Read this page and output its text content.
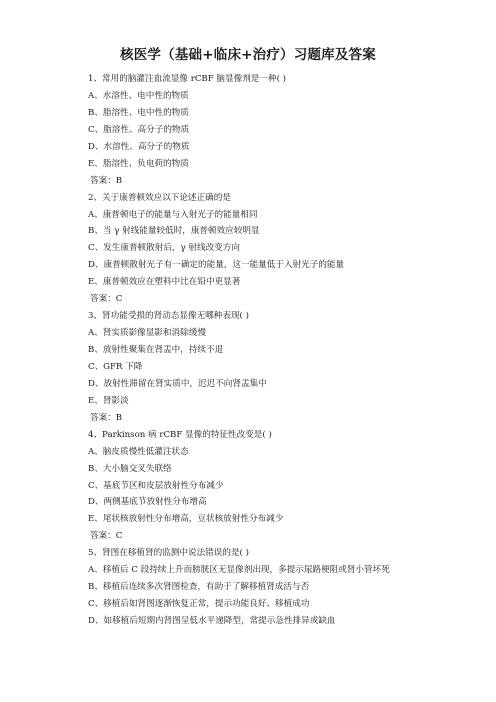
核医学（基础+临床+治疗）习题库及答案
1、常用的脑灌注血流显像 rCBF 脑显像剂是一种( )
A、水溶性、电中性的物质
B、脂溶性、电中性的物质
C、脂溶性、高分子的物质
D、水溶性、高分子的物质
E、脂溶性、负电荷的物质
答案：B
2、关于康普顿效应以下论述正确的是
A、康普顿电子的能量与入射光子的能量相同
B、当 γ 射线能量较低时，康普顿效应较明显
C、发生康普顿散射后，γ 射线改变方向
D、康普顿散射光子有一确定的能量，这一能量低于入射光子的能量
E、康普顿效应在塑料中比在铅中更显著
答案：C
3、肾功能受损的肾动态显像无哪种表现( )
A、肾实质影像显影和消除缓慢
B、放射性聚集在肾盂中，持续不退
C、GFR 下降
D、放射性滞留在肾实质中，迟迟不向肾盂集中
E、肾影淡
答案：B
4、Parkinson 病 rCBF 显像的特征性改变是( )
A、脑皮质慢性低灌注状态
B、大小脑交叉失联络
C、基底节区和皮层放射性分布减少
D、两侧基底节放射性分布增高
E、尾状核放射性分布增高，豆状核放射性分布减少
答案：C
5、肾图在移植肾的监测中说法错误的是( )
A、移植后 C 段持续上升而膀胱区无显像剂出现，多提示尿路梗阻或肾小管坏死
B、移植后连续多次肾图检查，有助于了解移植肾成活与否
C、移植后如肾图逐渐恢复正常，提示功能良好、移植成功
D、如移植后短期内肾图呈低水平递降型，常提示急性排异或缺血
